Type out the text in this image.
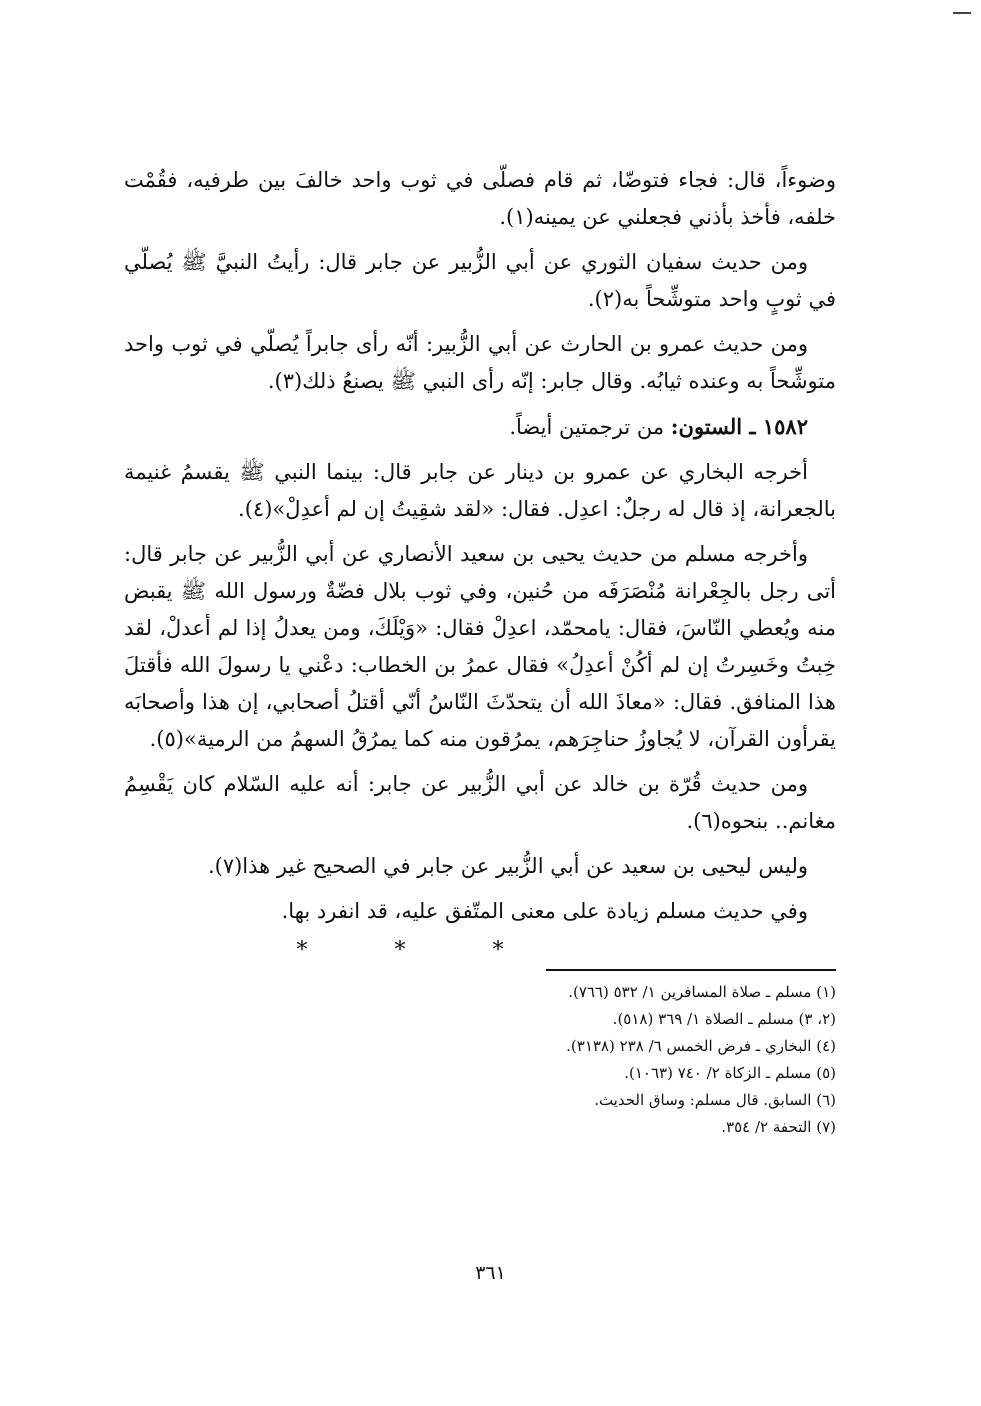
وضوءاً، قال: فجاء فتوضّا، ثم قام فصلّى في ثوب واحد خالفَ بين طرفيه، فقُمْت خلفه، فأخذ بأذني فجعلني عن يمينه(١).

ومن حديث سفيان الثوري عن أبي الزُّبير عن جابر قال: رأيتُ النبيَّ ﷺ يُصلّي في ثوبٍ واحد متوشِّحاً به(٢).

ومن حديث عمرو بن الحارث عن أبي الزُّبير: أنّه رأى جابراً يُصلّي في ثوب واحد متوشِّحاً به وعنده ثيابُه. وقال جابر: إنّه رأى النبي ﷺ يصنعُ ذلك(٣).

١٥٨٢ ـ الستون: من ترجمتين أيضاً.

أخرجه البخاري عن عمرو بن دينار عن جابر قال: بينما النبي ﷺ يقسمُ غنيمة بالجعرانة، إذ قال له رجلٌ: اعدِل. فقال: «لقد شقِيتُ إن لم أعدِلْ»(٤).

وأخرجه مسلم من حديث يحيى بن سعيد الأنصاري عن أبي الزُّبير عن جابر قال: أتى رجل بالجِعْرانة مُنْصَرَفَه من حُنين، وفي ثوب بلال فضّةٌ ورسول الله ﷺ يقبض منه ويُعطي النّاسَ، فقال: يامحمّد، اعدِلْ فقال: «وَيْلَكَ، ومن يعدلُ إذا لم أعدلْ، لقد خِبتُ وخَسِرتُ إن لم أكُنْ أعدِلُ» فقال عمرُ بن الخطاب: دعْني يا رسولَ الله فأقتلَ هذا المنافق. فقال: «معاذَ الله أن يتحدّثَ النّاسُ أنّي أقتلُ أصحابي، إن هذا وأصحابَه يقرأون القرآن، لا يُجاوزُ حناجِرَهم، يمرُقون منه كما يمرُقُ السهمُ من الرمية»(٥).

ومن حديث قُرّة بن خالد عن أبي الزُّبير عن جابر: أنه عليه السّلام كان يَقْسِمُ مغانم.. بنحوه(٦).

وليس ليحيى بن سعيد عن أبي الزُّبير عن جابر في الصحيح غير هذا(٧).

وفي حديث مسلم زيادة على معنى المتّفق عليه، قد انفرد بها.

* * *
(١) مسلم ـ صلاة المسافرين ١/ ٥٣٢ (٧٦٦).
(٢، ٣) مسلم ـ الصلاة ١/ ٣٦٩ (٥١٨).
(٤) البخاري ـ فرض الخمس ٦/ ٢٣٨ (٣١٣٨).
(٥) مسلم ـ الزكاة ٢/ ٧٤٠ (١٠٦٣).
(٦) السابق. قال مسلم: وساق الحديث.
(٧) التحفة ٢/ ٣٥٤.
٣٦١
